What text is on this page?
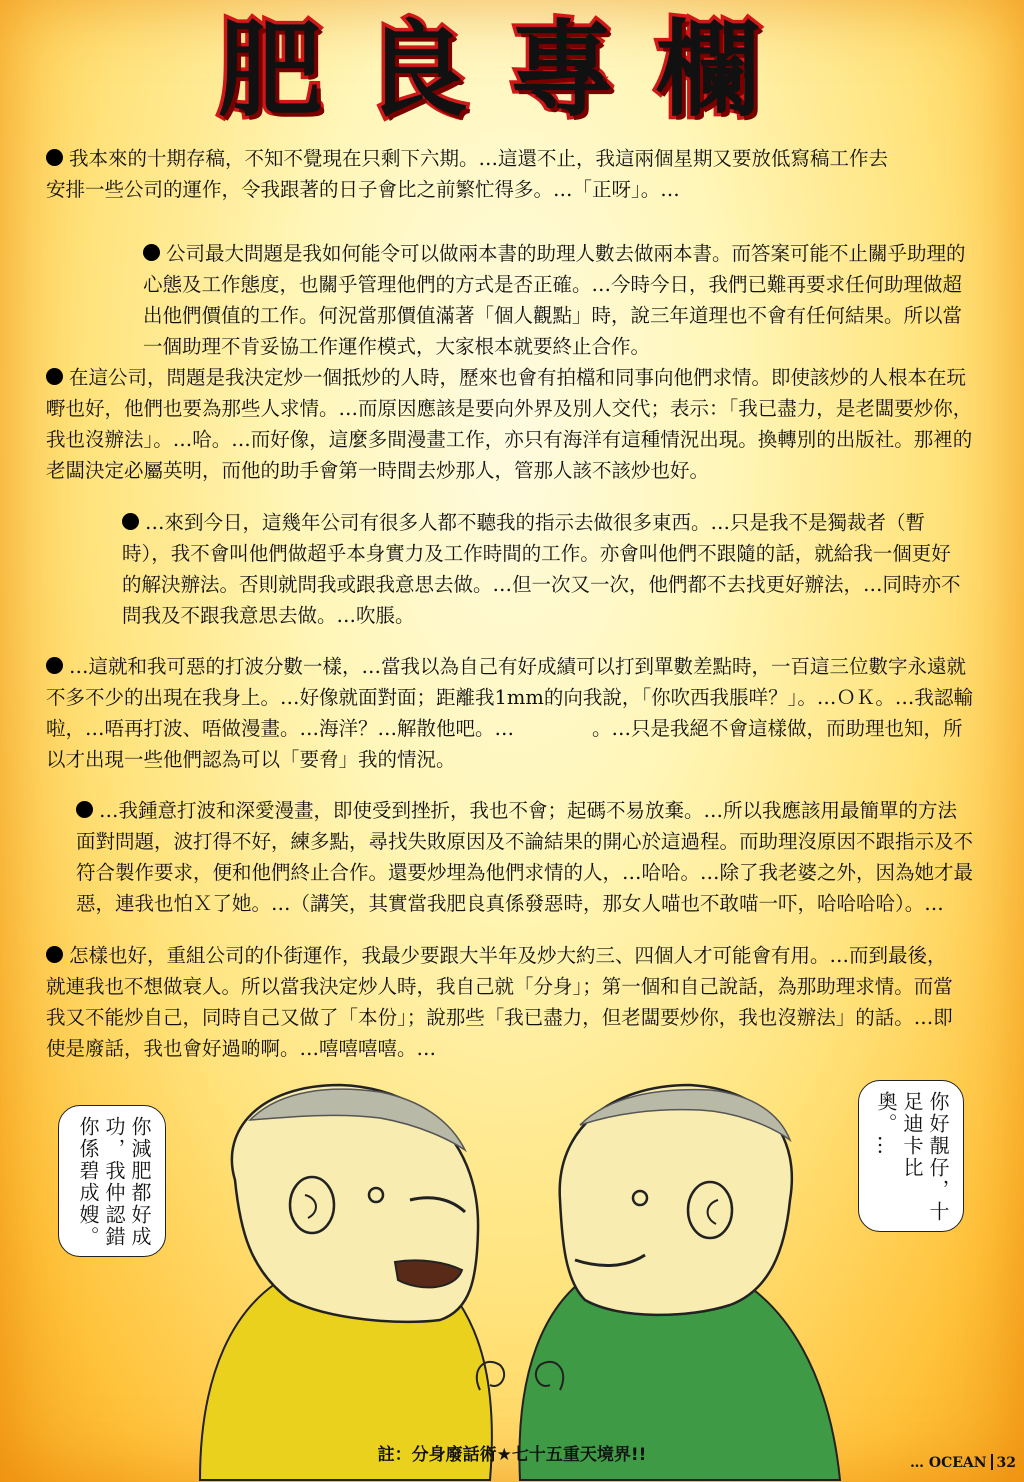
肥良專欄
我本來的十期存稿，不知不覺現在只剩下六期。…這還不止，我這兩個星期又要放低寫稿工作去安排一些公司的運作，令我跟著的日子會比之前繁忙得多。…「正呀」。…
公司最大問題是我如何能令可以做兩本書的助理人數去做兩本書。而答案可能不止關乎助理的心態及工作態度，也關乎管理他們的方式是否正確。…今時今日，我們已難再要求任何助理做超出他們價值的工作。何況當那價值滿著「個人觀點」時，說三年道理也不會有任何結果。所以當一個助理不肯妥協工作運作模式，大家根本就要終止合作。
在這公司，問題是我決定炒一個抵炒的人時，歷來也會有拍檔和同事向他們求情。即使該炒的人根本在玩嘢也好，他們也要為那些人求情。…而原因應該是要向外界及別人交代；表示：「我已盡力，是老闆要炒你，我也沒辦法」。…哈。…而好像，這麼多間漫畫工作，亦只有海洋有這種情況出現。換轉別的出版社。那裡的老闆決定必屬英明，而他的助手會第一時間去炒那人，管那人該不該炒也好。
…來到今日，這幾年公司有很多人都不聽我的指示去做很多東西。…只是我不是獨裁者（暫時），我不會叫他們做超乎本身實力及工作時間的工作。亦會叫他們不跟隨的話，就給我一個更好的解決辦法。否則就問我或跟我意思去做。…但一次又一次，他們都不去找更好辦法，…同時亦不問我及不跟我意思去做。…吹脹。
…這就和我可惡的打波分數一樣，…當我以為自己有好成績可以打到單數差點時，一百這三位數字永遠就不多不少的出現在我身上。…好像就面對面；距離我1mm的向我說，「你吹西我脹咩？」。…ＯＫ。…我認輸啦，…唔再打波、唔做漫畫。…海洋？…解散他吧。…　　　　。…只是我絕不會這樣做，而助理也知，所以才出現一些他們認為可以「要脅」我的情況。
…我鍾意打波和深愛漫畫，即使受到挫折，我也不會；起碼不易放棄。…所以我應該用最簡單的方法面對問題，波打得不好，練多點，尋找失敗原因及不論結果的開心於這過程。而助理沒原因不跟指示及不符合製作要求，便和他們終止合作。還要炒埋為他們求情的人，…哈哈。…除了我老婆之外，因為她才最惡，連我也怕Ｘ了她。…（講笑，其實當我肥良真係發惡時，那女人喵也不敢喵一吓，哈哈哈哈）。…
怎樣也好，重組公司的仆街運作，我最少要跟大半年及炒大約三、四個人才可能會有用。…而到最後，就連我也不想做衰人。所以當我決定炒人時，我自己就「分身」；第一個和自己說話，為那助理求情。而當我又不能炒自己，同時自己又做了「本份」；說那些「我已盡力，但老闆要炒你，我也沒辦法」的話。…即使是廢話，我也會好過啲啊。…嘻嘻嘻嘻。…
你減肥都好成功，我仲認錯你係碧成嫂。	你好靚仔，十足迪卡比奧。…
註：分身廢話術★七十五重天境界!!	… OCEAN 32
